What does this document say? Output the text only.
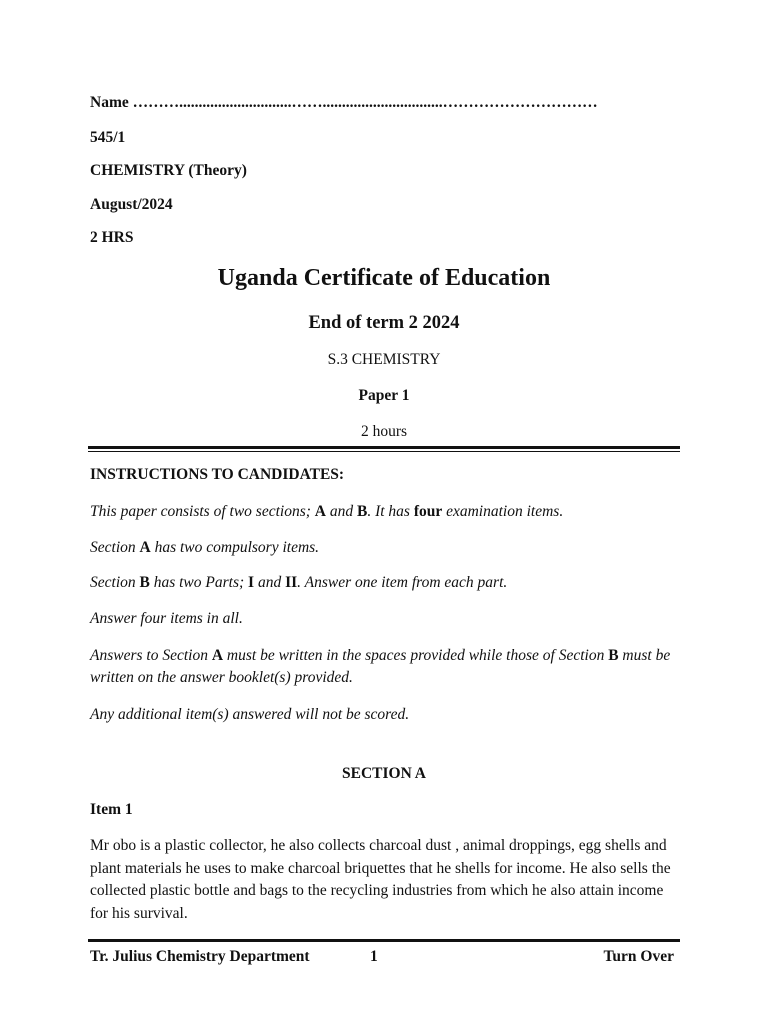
Name ……….............................……...............................…………………………
545/1
CHEMISTRY (Theory)
August/2024
2 HRS
Uganda Certificate of Education
End of term 2 2024
S.3 CHEMISTRY
Paper 1
2 hours
INSTRUCTIONS TO CANDIDATES:
This paper consists of two sections; A and B. It has four examination items.
Section A has two compulsory items.
Section B has two Parts; I and II. Answer one item from each part.
Answer four items in all.
Answers to Section A must be written in the spaces provided while those of Section B must be written on the answer booklet(s) provided.
Any additional item(s) answered will not be scored.
SECTION A
Item 1
Mr obo is a plastic collector, he also collects charcoal dust , animal droppings, egg shells and plant materials he uses to make charcoal briquettes that he shells for income. He also sells the collected plastic bottle and bags to the recycling industries from which he also attain income for his survival.
Tr. Julius Chemistry Department	1	Turn Over
